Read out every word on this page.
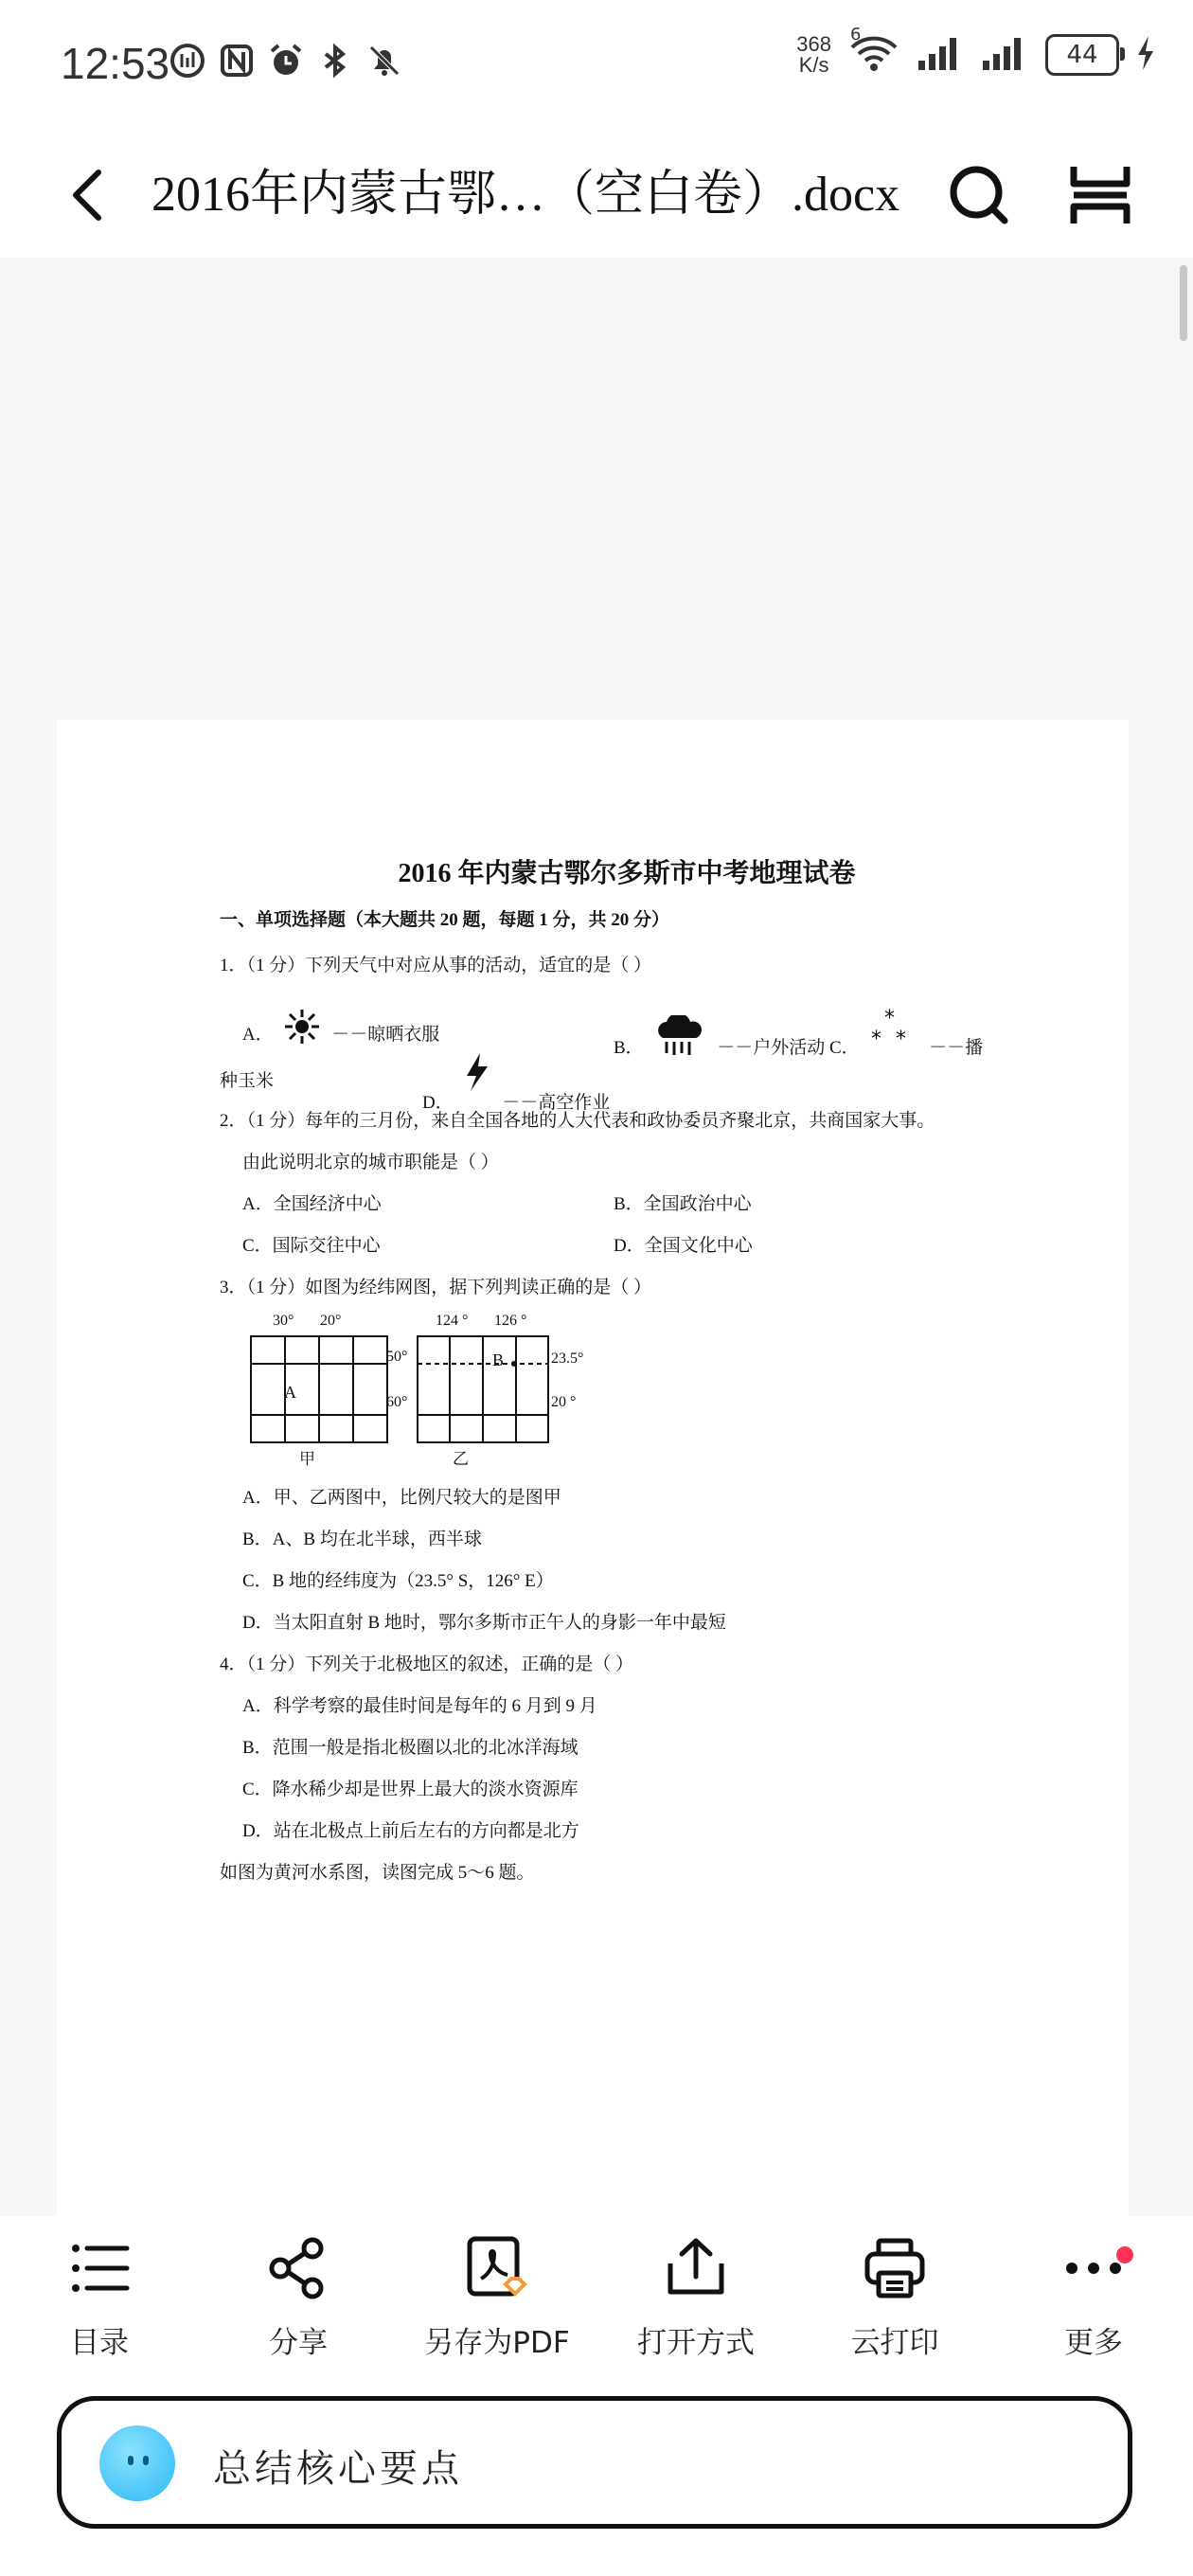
12:53	368
K/s
6
44
2016年内蒙古鄂…（空白卷）.docx
2016 年内蒙古鄂尔多斯市中考地理试卷
一、单项选择题（本大题共 20 题，每题 1 分，共 20 分）
1．（1 分）下列天气中对应从事的活动，适宜的是（ ）
A．	－－晾晒衣服
B．	－－户外活动 C．
*
* * －－播
种玉米
D．	－－高空作业
2．（1 分）每年的三月份，来自全国各地的人大代表和政协委员齐聚北京，共商国家大事。
由此说明北京的城市职能是（ ）
A．全国经济中心	B．全国政治中心
C．国际交往中心	D．全国文化中心
3．（1 分）如图为经纬网图，据下列判读正确的是（ ）
30° 20°
50°
60°
A
甲
124 ° 126 °
23.5°
20 °
B
乙
A．甲、乙两图中，比例尺较大的是图甲
B．A、B 均在北半球，西半球
C．B 地的经纬度为（23.5° S，126° E）
D．当太阳直射 B 地时，鄂尔多斯市正午人的身影一年中最短
4．（1 分）下列关于北极地区的叙述，正确的是（ ）
A．科学考察的最佳时间是每年的 6 月到 9 月
B．范围一般是指北极圈以北的北冰洋海域
C．降水稀少却是世界上最大的淡水资源库
D．站在北极点上前后左右的方向都是北方
如图为黄河水系图，读图完成 5～6 题。
目录	分享	另存为PDF	打开方式	云打印	更多
总结核心要点
